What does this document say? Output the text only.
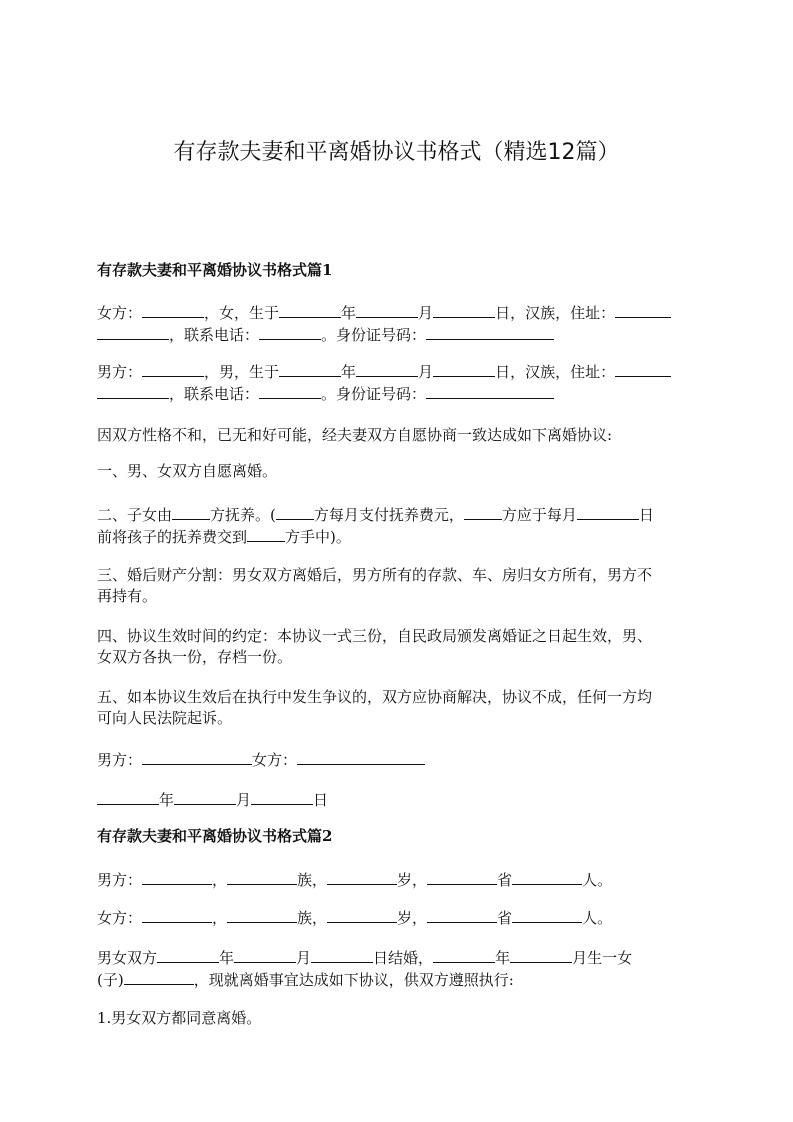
有存款夫妻和平离婚协议书格式（精选12篇）
有存款夫妻和平离婚协议书格式篇1
女方：	，女，生于	年	月	日，汉族，住址：
，联系电话：	。身份证号码：
男方：	，男，生于	年	月	日，汉族，住址：
，联系电话：	。身份证号码：
因双方性格不和，已无和好可能，经夫妻双方自愿协商一致达成如下离婚协议:
一、男、女双方自愿离婚。
二、子女由	方抚养。(	方每月支付抚养费元，	方应于每月	日
前将孩子的抚养费交到	方手中)。
三、婚后财产分割：男女双方离婚后，男方所有的存款、车、房归女方所有，男方不
再持有。
四、协议生效时间的约定：本协议一式三份，自民政局颁发离婚证之日起生效，男、
女双方各执一份，存档一份。
五、如本协议生效后在执行中发生争议的，双方应协商解决，协议不成，任何一方均
可向人民法院起诉。
男方：	女方：
年	月	日
有存款夫妻和平离婚协议书格式篇2
男方：	，	族，	岁，	省	人。
女方：	，	族，	岁，	省	人。
男女双方	年	月	日结婚，	年	月生一女
(子)	，现就离婚事宜达成如下协议，供双方遵照执行:
1.男女双方都同意离婚。
